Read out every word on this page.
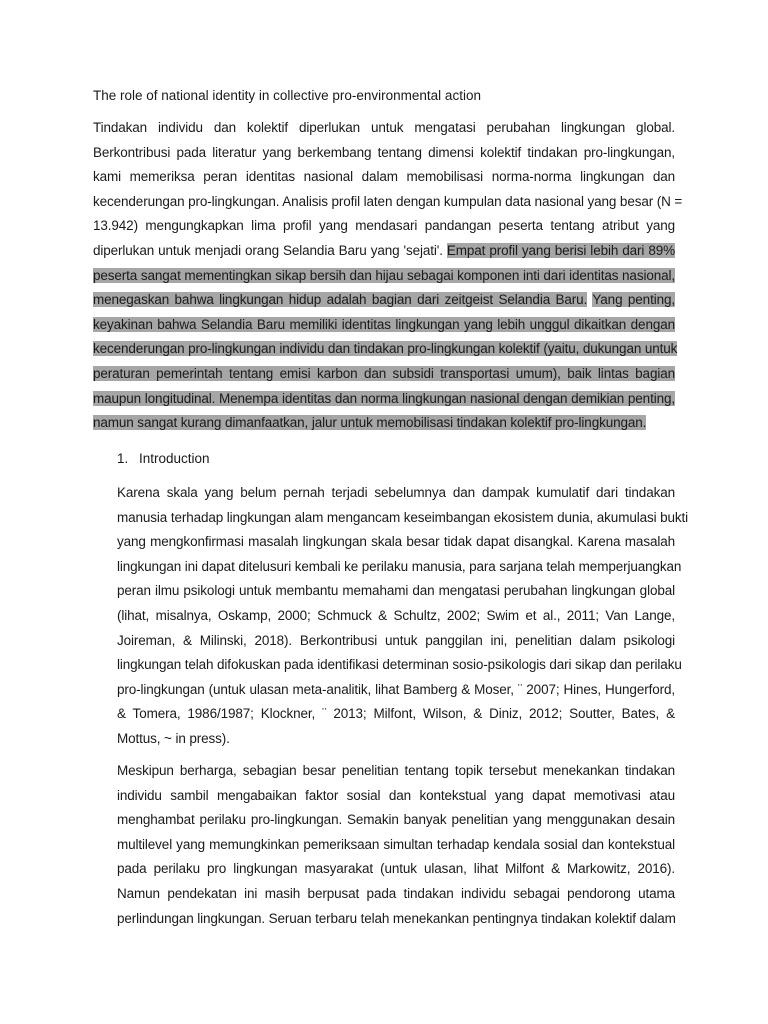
The role of national identity in collective pro-environmental action
Tindakan individu dan kolektif diperlukan untuk mengatasi perubahan lingkungan global.
Berkontribusi pada literatur yang berkembang tentang dimensi kolektif tindakan pro-lingkungan,
kami memeriksa peran identitas nasional dalam memobilisasi norma-norma lingkungan dan
kecenderungan pro-lingkungan. Analisis profil laten dengan kumpulan data nasional yang besar (N =
13.942) mengungkapkan lima profil yang mendasari pandangan peserta tentang atribut yang
diperlukan untuk menjadi orang Selandia Baru yang 'sejati'. Empat profil yang berisi lebih dari 89%
peserta sangat mementingkan sikap bersih dan hijau sebagai komponen inti dari identitas nasional,
menegaskan bahwa lingkungan hidup adalah bagian dari zeitgeist Selandia Baru. Yang penting,
keyakinan bahwa Selandia Baru memiliki identitas lingkungan yang lebih unggul dikaitkan dengan
kecenderungan pro-lingkungan individu dan tindakan pro-lingkungan kolektif (yaitu, dukungan untuk
peraturan pemerintah tentang emisi karbon dan subsidi transportasi umum), baik lintas bagian
maupun longitudinal. Menempa identitas dan norma lingkungan nasional dengan demikian penting,
namun sangat kurang dimanfaatkan, jalur untuk memobilisasi tindakan kolektif pro-lingkungan.
1. Introduction
Karena skala yang belum pernah terjadi sebelumnya dan dampak kumulatif dari tindakan
manusia terhadap lingkungan alam mengancam keseimbangan ekosistem dunia, akumulasi bukti
yang mengkonfirmasi masalah lingkungan skala besar tidak dapat disangkal. Karena masalah
lingkungan ini dapat ditelusuri kembali ke perilaku manusia, para sarjana telah memperjuangkan
peran ilmu psikologi untuk membantu memahami dan mengatasi perubahan lingkungan global
(lihat, misalnya, Oskamp, 2000; Schmuck & Schultz, 2002; Swim et al., 2011; Van Lange,
Joireman, & Milinski, 2018). Berkontribusi untuk panggilan ini, penelitian dalam psikologi
lingkungan telah difokuskan pada identifikasi determinan sosio-psikologis dari sikap dan perilaku
pro-lingkungan (untuk ulasan meta-analitik, lihat Bamberg & Moser, ¨ 2007; Hines, Hungerford,
& Tomera, 1986/1987; Klockner, ¨ 2013; Milfont, Wilson, & Diniz, 2012; Soutter, Bates, &
Mottus, ~ in press).
Meskipun berharga, sebagian besar penelitian tentang topik tersebut menekankan tindakan
individu sambil mengabaikan faktor sosial dan kontekstual yang dapat memotivasi atau
menghambat perilaku pro-lingkungan. Semakin banyak penelitian yang menggunakan desain
multilevel yang memungkinkan pemeriksaan simultan terhadap kendala sosial dan kontekstual
pada perilaku pro lingkungan masyarakat (untuk ulasan, lihat Milfont & Markowitz, 2016).
Namun pendekatan ini masih berpusat pada tindakan individu sebagai pendorong utama
perlindungan lingkungan. Seruan terbaru telah menekankan pentingnya tindakan kolektif dalam
